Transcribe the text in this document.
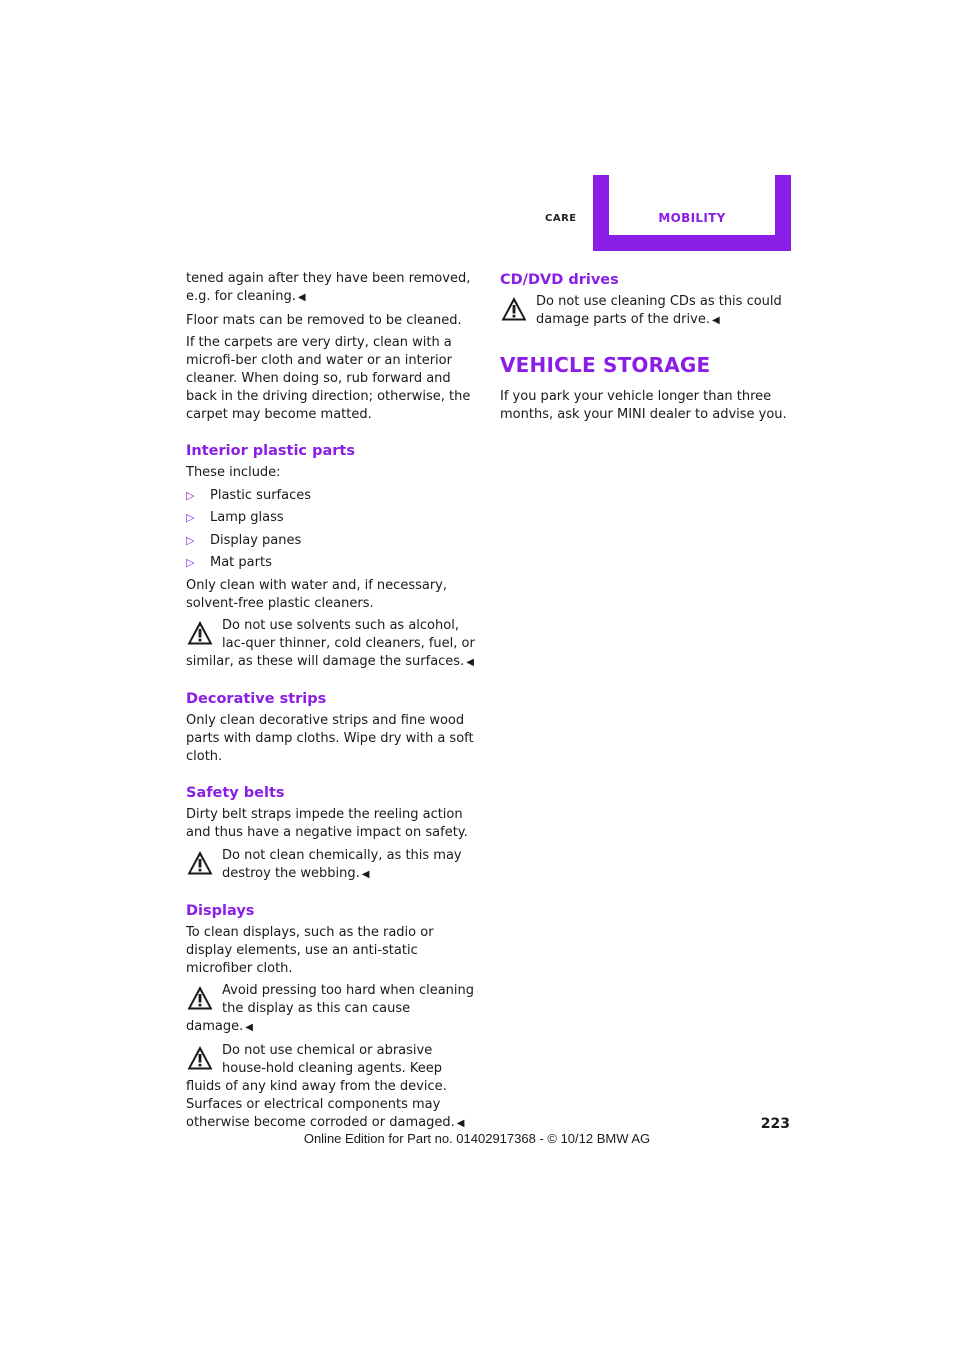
CARE	MOBILITY

tened again after they have been removed, e.g. for cleaning. ◀

Floor mats can be removed to be cleaned.

If the carpets are very dirty, clean with a microfi-ber cloth and water or an interior cleaner. When doing so, rub forward and back in the driving direction; otherwise, the carpet may become matted.

Interior plastic parts

These include:

▷ Plastic surfaces
▷ Lamp glass
▷ Display panes
▷ Mat parts

Only clean with water and, if necessary, solvent-free plastic cleaners.

Do not use solvents such as alcohol, lac-quer thinner, cold cleaners, fuel, or similar, as these will damage the surfaces. ◀
Decorative strips

Only clean decorative strips and fine wood parts with damp cloths. Wipe dry with a soft cloth.

Safety belts

Dirty belt straps impede the reeling action and thus have a negative impact on safety.

Do not clean chemically, as this may destroy the webbing. ◀
Displays

To clean displays, such as the radio or display elements, use an anti-static microfiber cloth.

Avoid pressing too hard when cleaning the display as this can cause damage. ◀
Do not use chemical or abrasive house-hold cleaning agents. Keep fluids of any kind away from the device. Surfaces or electrical components may otherwise become corroded or damaged. ◀
CD/DVD drives
Do not use cleaning CDs as this could damage parts of the drive. ◀
VEHICLE STORAGE

If you park your vehicle longer than three months, ask your MINI dealer to advise you.

223
Online Edition for Part no. 01402917368 - © 10/12 BMW AG
